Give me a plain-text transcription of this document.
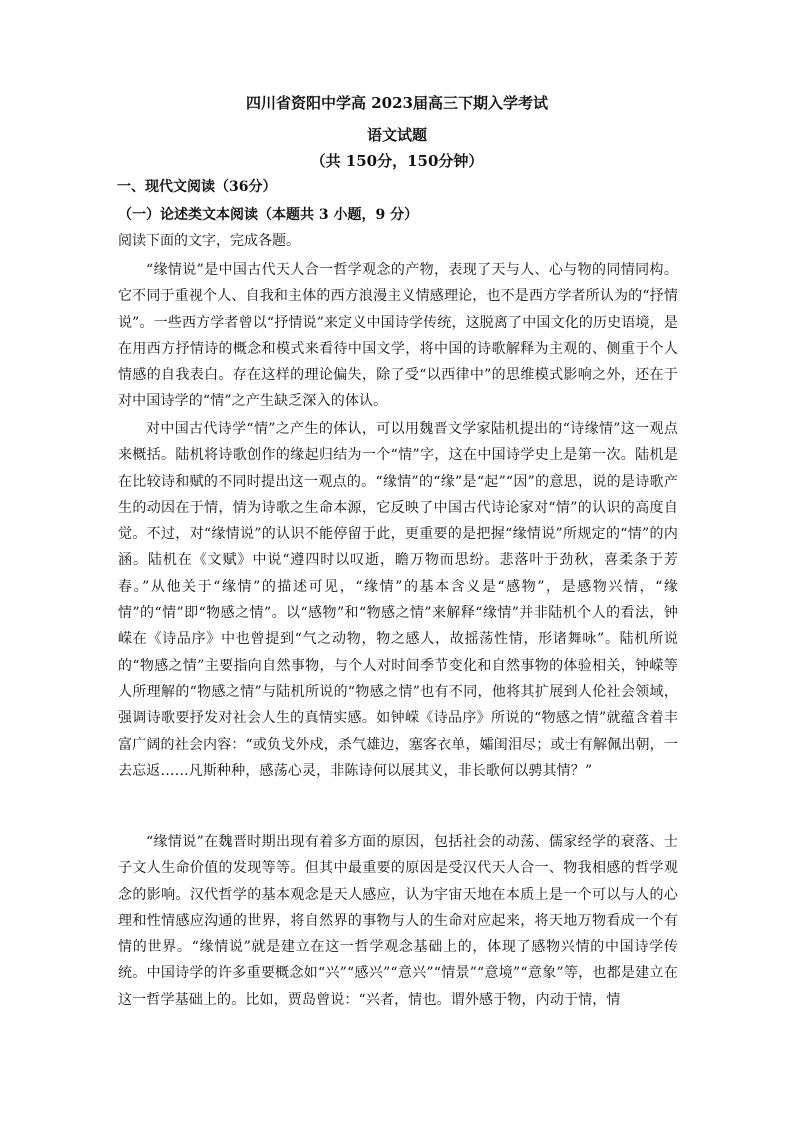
四川省资阳中学高 2023届高三下期入学考试
语文试题
（共 150分，150分钟）
一、现代文阅读（36分）
（一）论述类文本阅读（本题共 3 小题，9 分）
阅读下面的文字，完成各题。

“缘情说”是中国古代天人合一哲学观念的产物，表现了天与人、心与物的同情同构。它不同于重视个人、自我和主体的西方浪漫主义情感理论，也不是西方学者所认为的“抒情说”。一些西方学者曾以“抒情说”来定义中国诗学传统，这脱离了中国文化的历史语境，是在用西方抒情诗的概念和模式来看待中国文学，将中国的诗歌解释为主观的、侧重于个人情感的自我表白。存在这样的理论偏失，除了受“以西律中”的思维模式影响之外，还在于对中国诗学的“情”之产生缺乏深入的体认。

对中国古代诗学“情”之产生的体认，可以用魏晋文学家陆机提出的“诗缘情”这一观点来概括。陆机将诗歌创作的缘起归结为一个“情”字，这在中国诗学史上是第一次。陆机是在比较诗和赋的不同时提出这一观点的。“缘情”的“缘”是“起”“因”的意思，说的是诗歌产生的动因在于情，情为诗歌之生命本源，它反映了中国古代诗论家对“情”的认识的高度自觉。不过，对“缘情说”的认识不能停留于此，更重要的是把握“缘情说”所规定的“情”的内涵。陆机在《文赋》中说“遵四时以叹逝，瞻万物而思纷。悲落叶于劲秋，喜柔条于芳春。”从他关于“缘情”的描述可见，“缘情”的基本含义是“感物”，是感物兴情，“缘情”的“情”即“物感之情”。以“感物”和“物感之情”来解释“缘情”并非陆机个人的看法，钟嵘在《诗品序》中也曾提到“气之动物，物之感人，故摇荡性情，形诸舞咏”。陆机所说的“物感之情”主要指向自然事物，与个人对时间季节变化和自然事物的体验相关，钟嵘等人所理解的“物感之情”与陆机所说的“物感之情”也有不同，他将其扩展到人伦社会领域，强调诗歌要抒发对社会人生的真情实感。如钟嵘《诗品序》所说的“物感之情”就蕴含着丰富广阔的社会内容：“或负戈外戍，杀气雄边，塞客衣单，孀闺泪尽；或士有解佩出朝，一去忘返……凡斯种种，感荡心灵，非陈诗何以展其义，非长歌何以骋其情？”

“缘情说”在魏晋时期出现有着多方面的原因，包括社会的动荡、儒家经学的衰落、士子文人生命价值的发现等等。但其中最重要的原因是受汉代天人合一、物我相感的哲学观念的影响。汉代哲学的基本观念是天人感应，认为宇宙天地在本质上是一个可以与人的心理和性情感应沟通的世界，将自然界的事物与人的生命对应起来，将天地万物看成一个有情的世界。“缘情说”就是建立在这一哲学观念基础上的，体现了感物兴情的中国诗学传统。中国诗学的许多重要概念如“兴”“感兴”“意兴”“情景”“意境”“意象”等，也都是建立在这一哲学基础上的。比如，贾岛曾说：“兴者，情也。谓外感于物，内动于情，情
